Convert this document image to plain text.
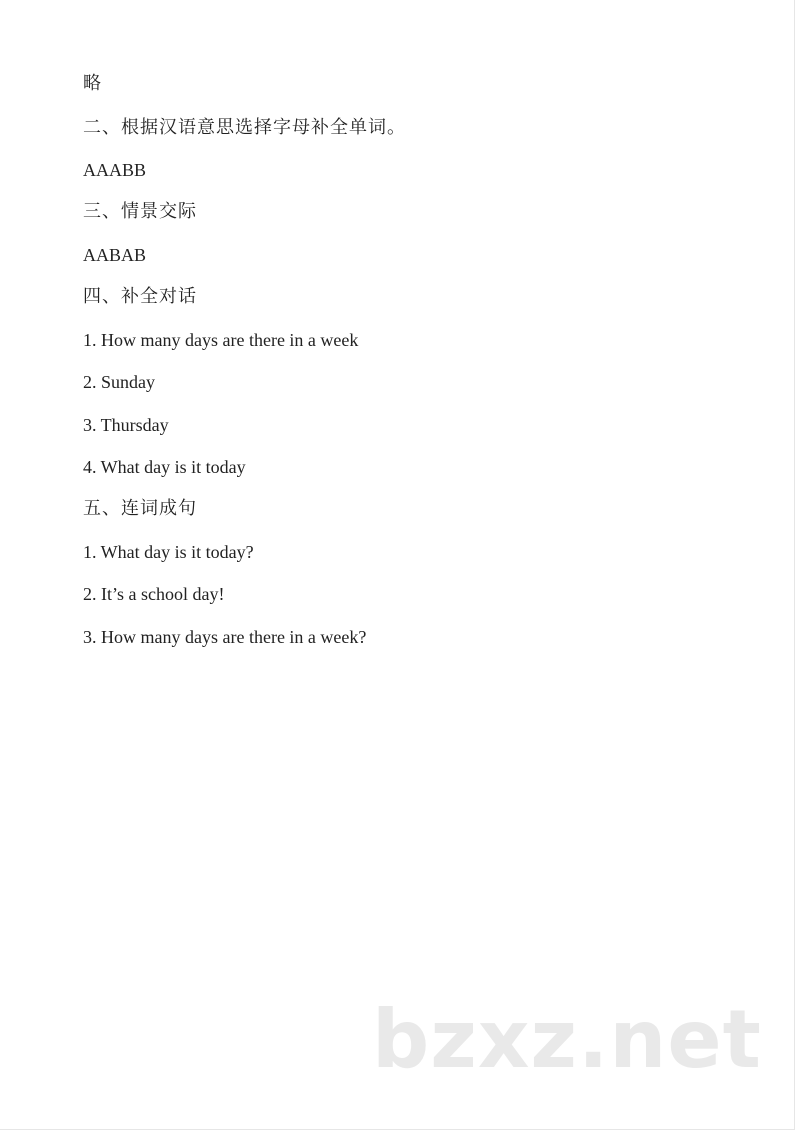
略
二、根据汉语意思选择字母补全单词。
AAABB
三、情景交际
AABAB
四、补全对话
1. How many days are there in a week
2. Sunday
3. Thursday
4. What day is it today
五、连词成句
1. What day is it today?
2. It’s a school day!
3. How many days are there in a week?
bzxz.net
